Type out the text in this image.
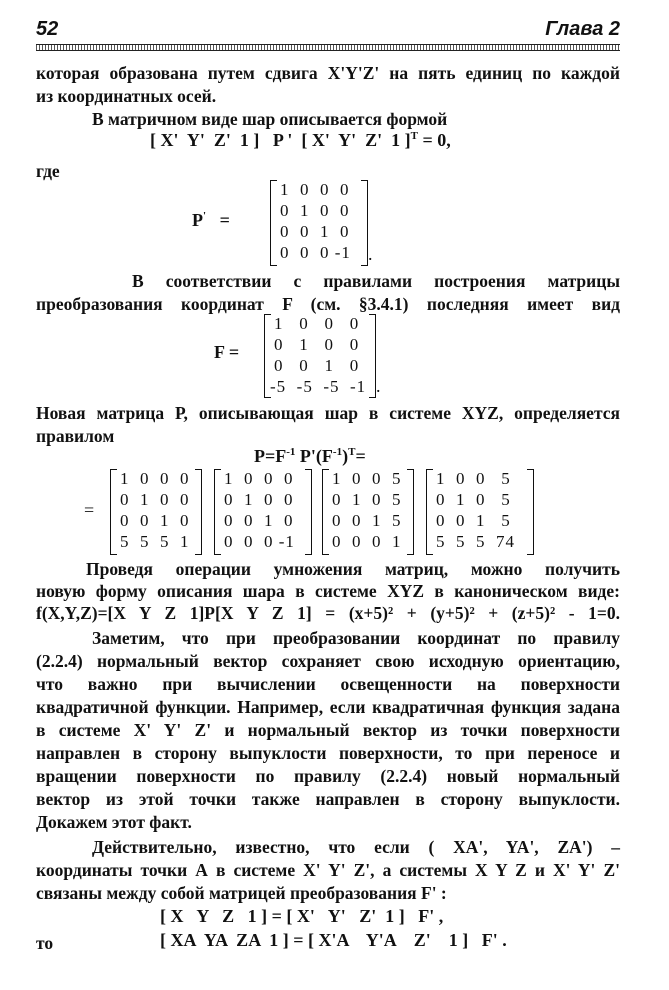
52	Глава 2
которая образована путем сдвига X'Y'Z' на пять единиц по каждой
из координатных осей.
В матричном виде шар описывается формой
[ X'  Y'  Z'  1 ]   P '  [ X'  Y'  Z'  1 ]$^T$ = 0,
где
P' =
1  0  0  0
0  1  0  0
0  0  1  0
0  0  0 -1 .
В соответствии с правилами построения матрицы
преобразования координат F (см. §3.4.1) последняя имеет вид
F =
1   0   0   0
0   1   0   0
0   0   1   0
-5  -5  -5  -1 .
Новая матрица Р, описывающая шар в системе XYZ, определяется
правилом
$P=F^{-1}$ $P'(F^{-1})^T=$
=
1  0  0  0
0  1  0  0
0  0  1  0
5  5  5  1
1  0  0  0
0  1  0  0
0  0  1  0
0  0  0 -1
1  0  0  5
0  1  0  5
0  0  1  5
0  0  0  1
1  0  0   5
0  1  0   5
0  0  1   5
5  5  5  74
Проведя операции умножения матриц, можно получить
новую форму описания шара в системе XYZ в каноническом виде:
f(X,Y,Z)=[X Y Z 1]P[X Y Z 1] = (x+5)² + (y+5)² + (z+5)² - 1=0.
Заметим, что при преобразовании координат по правилу
(2.2.4) нормальный вектор сохраняет свою исходную ориентацию,
что важно при вычислении освещенности на поверхности
квадратичной функции. Например, если квадратичная функция задана
в системе X' Y' Z' и нормальный вектор из точки поверхности
направлен в сторону выпуклости поверхности, то при переносе и
вращении поверхности по правилу (2.2.4) новый нормальный
вектор из этой точки также направлен в сторону выпуклости.
Докажем этот факт.
Действительно, известно, что если ( XA', YA', ZA') –
координаты точки А в системе X' Y' Z', а системы X Y Z и X' Y' Z'
связаны между собой матрицей преобразования F' :
[ X   Y   Z   1 ] = [ X'   Y'   Z'  1 ]   F' ,
то	[ XA  YA  ZA  1 ] = [ X'A    Y'A    Z'    1 ]   F' .
